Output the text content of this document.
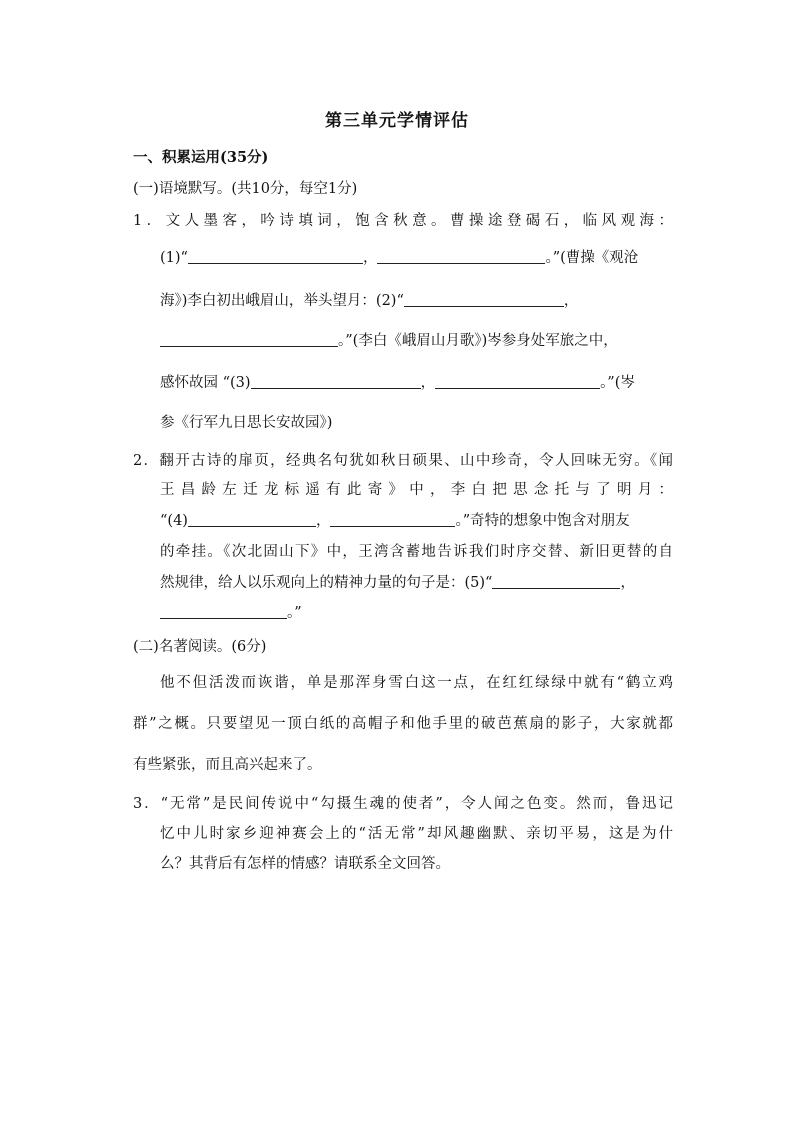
第三单元学情评估
一、积累运用(35分)
(一)语境默写。(共10分，每空1分)
1．文人墨客，吟诗填词，饱含秋意。曹操途登碣石，临风观海：
(1)“	，	。”(曹操《观沧
海》)李白初出峨眉山，举头望月：(2)“	，
。”(李白《峨眉山月歌》)岑参身处军旅之中，
感怀故园 “(3)	，	。”(岑
参《行军九日思长安故园》)
2．翻开古诗的扉页，经典名句犹如秋日硕果、山中珍奇，令人回味无穷。《闻
王昌龄左迁龙标遥有此寄》中，李白把思念托与了明月：
“(4)	，	。”奇特的想象中饱含对朋友
的牵挂。《次北固山下》中，王湾含蓄地告诉我们时序交替、新旧更替的自
然规律，给人以乐观向上的精神力量的句子是：(5)“	，
。”
(二)名著阅读。(6分)
他不但活泼而诙谐，单是那浑身雪白这一点，在红红绿绿中就有“鹤立鸡
群”之概。只要望见一顶白纸的高帽子和他手里的破芭蕉扇的影子，大家就都
有些紧张，而且高兴起来了。
3．“无常”是民间传说中“勾摄生魂的使者”，令人闻之色变。然而，鲁迅记
忆中儿时家乡迎神赛会上的“活无常”却风趣幽默、亲切平易，这是为什
么？其背后有怎样的情感？请联系全文回答。
